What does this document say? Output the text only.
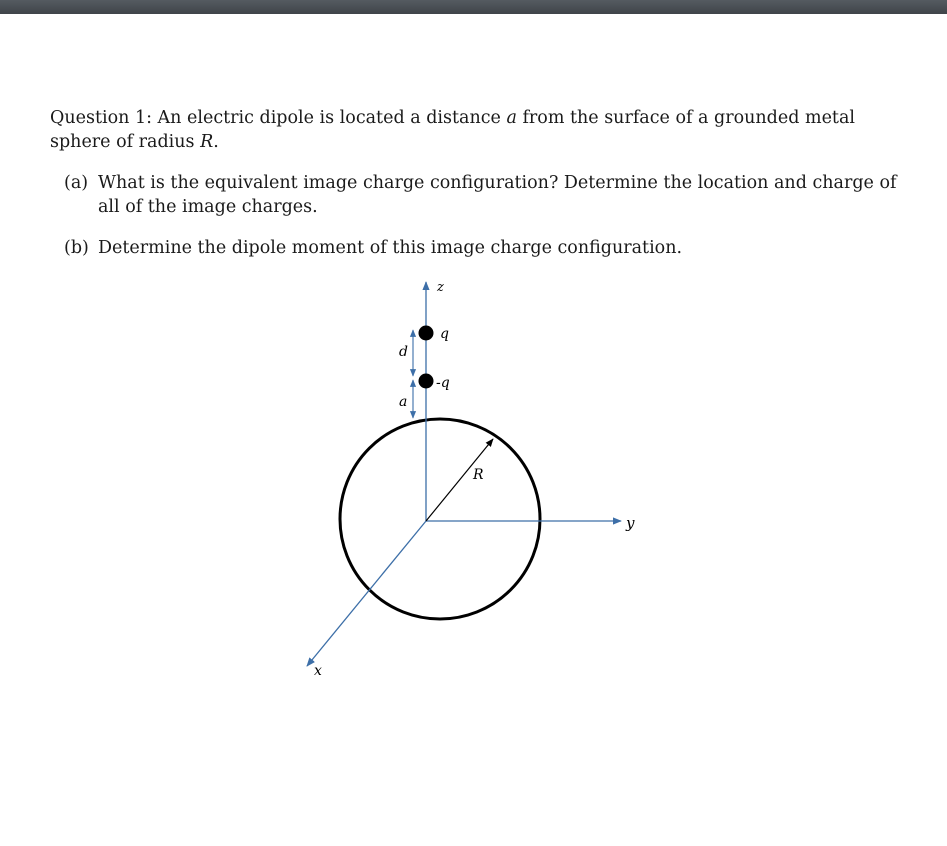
Question 1: An electric dipole is located a distance a from the surface of a grounded metal sphere of radius R.
(a) What is the equivalent image charge configuration? Determine the location and charge of all of the image charges.
(b) Determine the dipole moment of this image charge configuration.
z
q
-q
d
a
R
y
x
